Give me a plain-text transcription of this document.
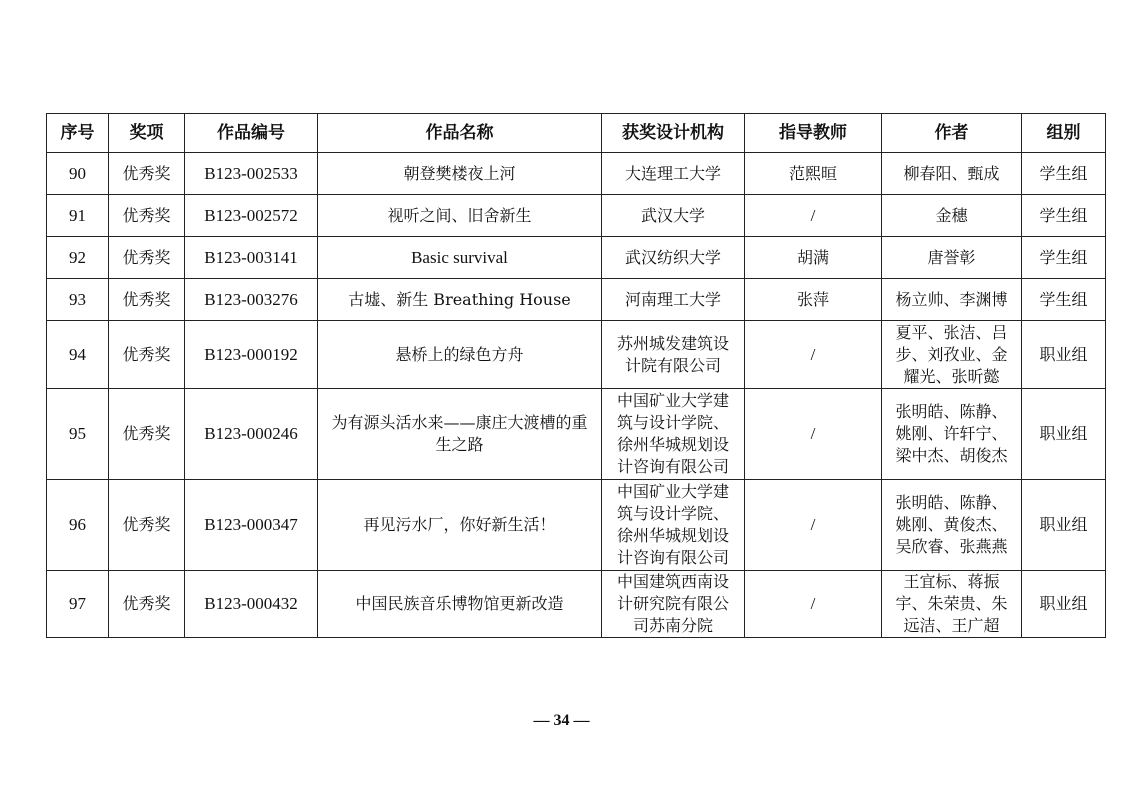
序号	奖项	作品编号	作品名称	获奖设计机构	指导教师	作者	组别
90	优秀奖	B123-002533	朝登樊楼夜上河	大连理工大学	范熙晅	柳春阳、甄成	学生组
91	优秀奖	B123-002572	视听之间、旧舍新生	武汉大学	/	金穗	学生组
92	优秀奖	B123-003141	Basic survival	武汉纺织大学	胡满	唐誉彰	学生组
93	优秀奖	B123-003276	古墟、新生 Breathing House	河南理工大学	张萍	杨立帅、李渊博	学生组
94	优秀奖	B123-000192	悬桥上的绿色方舟	苏州城发建筑设计院有限公司	/	夏平、张洁、吕步、刘孜业、金耀光、张昕懿	职业组
95	优秀奖	B123-000246	为有源头活水来——康庄大渡槽的重生之路	中国矿业大学建筑与设计学院、徐州华城规划设计咨询有限公司	/	张明皓、陈静、姚刚、许轩宁、梁中杰、胡俊杰	职业组
96	优秀奖	B123-000347	再见污水厂，你好新生活！	中国矿业大学建筑与设计学院、徐州华城规划设计咨询有限公司	/	张明皓、陈静、姚刚、黄俊杰、吴欣睿、张燕燕	职业组
97	优秀奖	B123-000432	中国民族音乐博物馆更新改造	中国建筑西南设计研究院有限公司苏南分院	/	王宜标、蒋振宇、朱荣贵、朱远洁、王广超	职业组
— 34 —
